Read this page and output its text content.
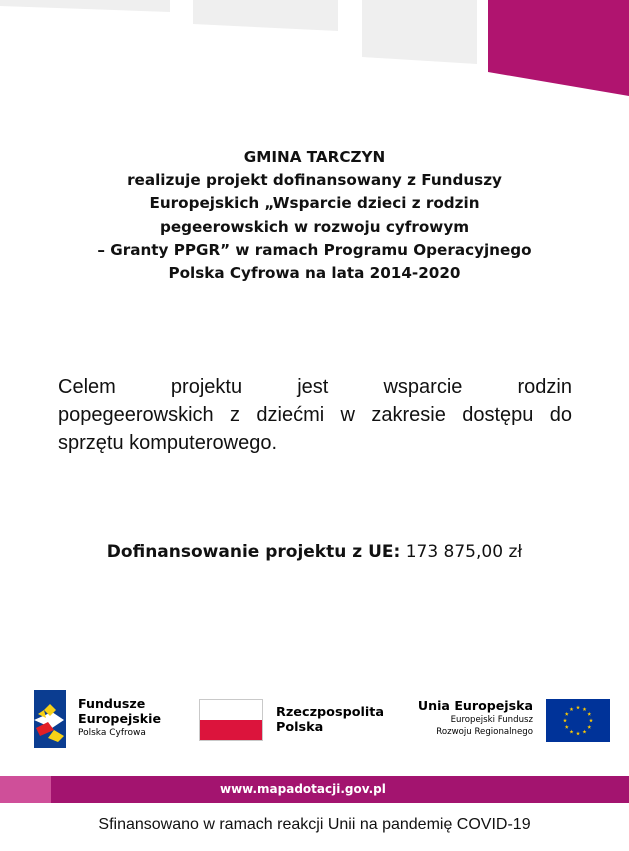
GMINA TARCZYN
realizuje projekt dofinansowany z Funduszy
Europejskich „Wsparcie dzieci z rodzin
pegeerowskich w rozwoju cyfrowym
– Granty PPGR” w ramach Programu Operacyjnego
Polska Cyfrowa na lata 2014-2020
Celem projektu jest wsparcie rodzin
popegeerowskich z dziećmi w zakresie dostępu do
sprzętu komputerowego.
Dofinansowanie projektu z UE: 173 875,00 zł
Fundusze
Europejskie
Polska Cyfrowa
Rzeczpospolita
Polska
Unia Europejska
Europejski Fundusz
Rozwoju Regionalnego
www.mapadotacji.gov.pl
Sfinansowano w ramach reakcji Unii na pandemię COVID-19
